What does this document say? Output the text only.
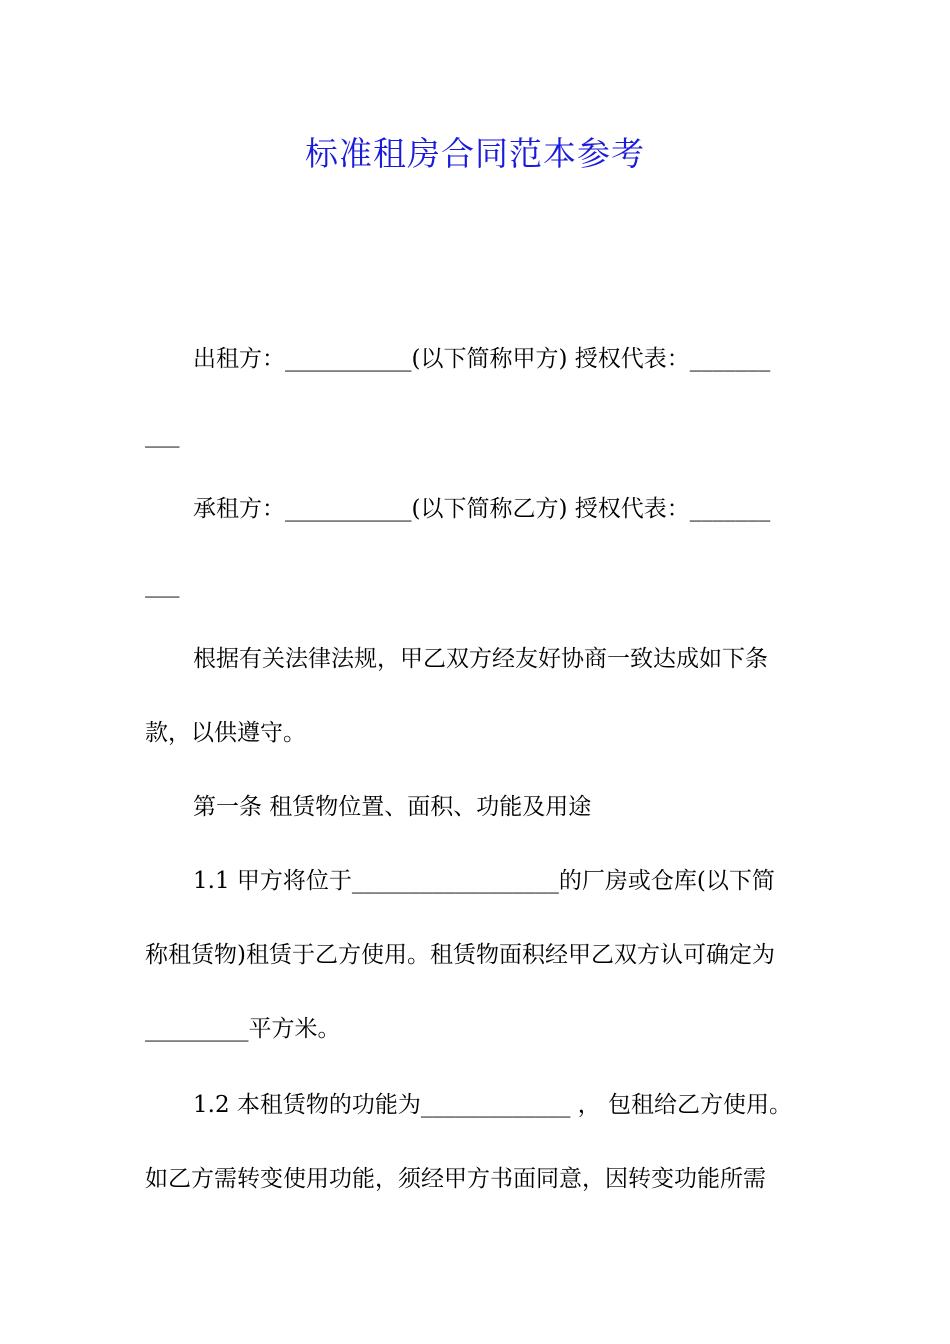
标准租房合同范本参考
出租方：___________(以下简称甲方) 授权代表：_______
___
承租方：___________(以下简称乙方) 授权代表：_______
___
根据有关法律法规，甲乙双方经友好协商一致达成如下条
款，以供遵守。
第一条 租赁物位置、面积、功能及用途
1.1 甲方将位于__________________的厂房或仓库(以下简
称租赁物)租赁于乙方使用。租赁物面积经甲乙双方认可确定为
_________平方米。
1.2 本租赁物的功能为_____________ ， 包租给乙方使用。
如乙方需转变使用功能，须经甲方书面同意，因转变功能所需
